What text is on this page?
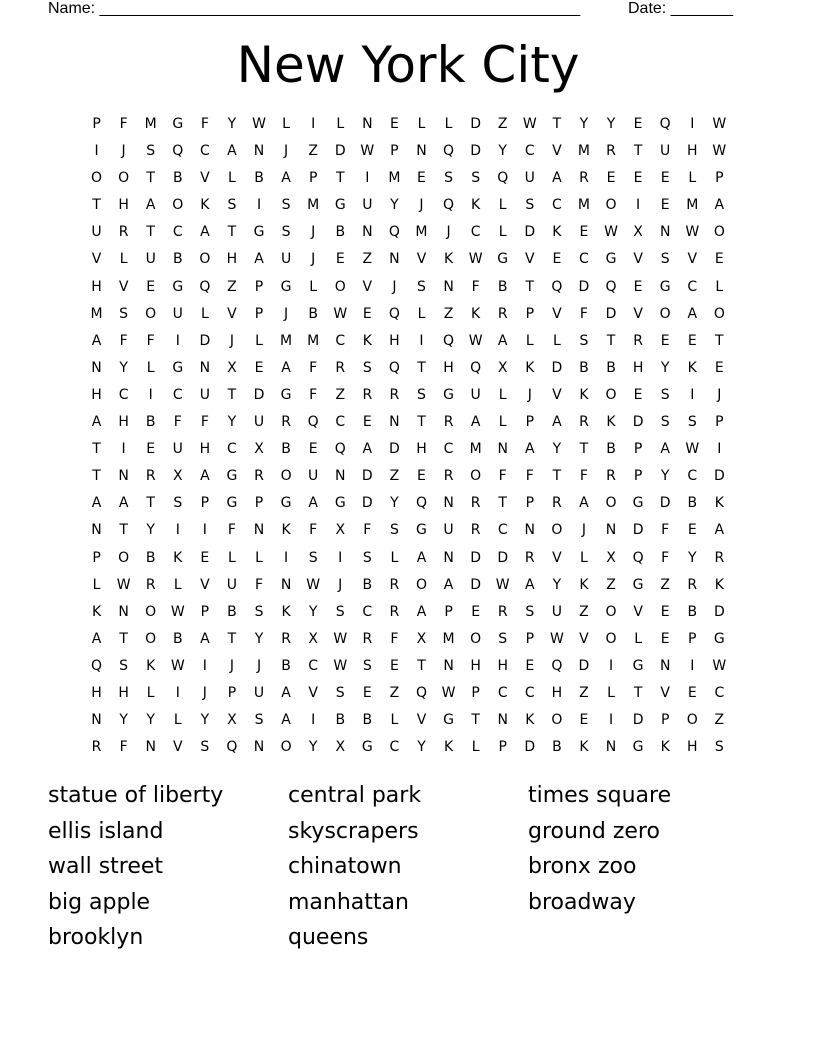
Name: ______________________________________________________	Date: _______
New York City
P	F	M	G	F	Y	W	L	I	L	N	E	L	L	D	Z	W	T	Y	Y	E	Q	I	W
I	J	S	Q	C	A	N	J	Z	D	W	P	N	Q	D	Y	C	V	M	R	T	U	H	W
O	O	T	B	V	L	B	A	P	T	I	M	E	S	S	Q	U	A	R	E	E	E	L	P
T	H	A	O	K	S	I	S	M	G	U	Y	J	Q	K	L	S	C	M	O	I	E	M	A
U	R	T	C	A	T	G	S	J	B	N	Q	M	J	C	L	D	K	E	W	X	N	W	O
V	L	U	B	O	H	A	U	J	E	Z	N	V	K	W	G	V	E	C	G	V	S	V	E
H	V	E	G	Q	Z	P	G	L	O	V	J	S	N	F	B	T	Q	D	Q	E	G	C	L
M	S	O	U	L	V	P	J	B	W	E	Q	L	Z	K	R	P	V	F	D	V	O	A	O
A	F	F	I	D	J	L	M	M	C	K	H	I	Q	W	A	L	L	S	T	R	E	E	T
N	Y	L	G	N	X	E	A	F	R	S	Q	T	H	Q	X	K	D	B	B	H	Y	K	E
H	C	I	C	U	T	D	G	F	Z	R	R	S	G	U	L	J	V	K	O	E	S	I	J
A	H	B	F	F	Y	U	R	Q	C	E	N	T	R	A	L	P	A	R	K	D	S	S	P
T	I	E	U	H	C	X	B	E	Q	A	D	H	C	M	N	A	Y	T	B	P	A	W	I
T	N	R	X	A	G	R	O	U	N	D	Z	E	R	O	F	F	T	F	R	P	Y	C	D
A	A	T	S	P	G	P	G	A	G	D	Y	Q	N	R	T	P	R	A	O	G	D	B	K
N	T	Y	I	I	F	N	K	F	X	F	S	G	U	R	C	N	O	J	N	D	F	E	A
P	O	B	K	E	L	L	I	S	I	S	L	A	N	D	D	R	V	L	X	Q	F	Y	R
L	W	R	L	V	U	F	N	W	J	B	R	O	A	D	W	A	Y	K	Z	G	Z	R	K
K	N	O	W	P	B	S	K	Y	S	C	R	A	P	E	R	S	U	Z	O	V	E	B	D
A	T	O	B	A	T	Y	R	X	W	R	F	X	M	O	S	P	W	V	O	L	E	P	G
Q	S	K	W	I	J	J	B	C	W	S	E	T	N	H	H	E	Q	D	I	G	N	I	W
H	H	L	I	J	P	U	A	V	S	E	Z	Q	W	P	C	C	H	Z	L	T	V	E	C
N	Y	Y	L	Y	X	S	A	I	B	B	L	V	G	T	N	K	O	E	I	D	P	O	Z
R	F	N	V	S	Q	N	O	Y	X	G	C	Y	K	L	P	D	B	K	N	G	K	H	S
statue of liberty	central park	times square
ellis island	skyscrapers	ground zero
wall street	chinatown	bronx zoo
big apple	manhattan	broadway
brooklyn	queens
